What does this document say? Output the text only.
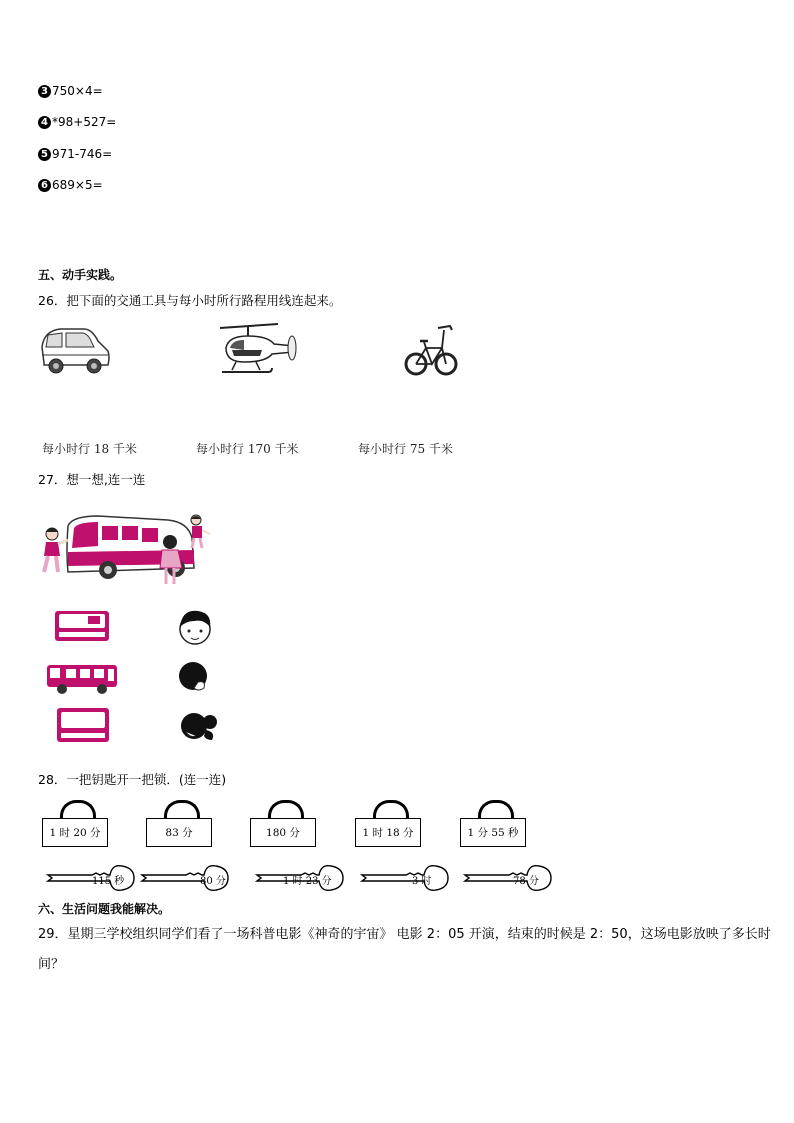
3 750×4=
4 *98+527=
5 971-746=
6 689×5=
五、动手实践。
26．把下面的交通工具与每小时所行路程用线连起来。
每小时行 18 千米	每小时行 170 千米	每小时行 75 千米
27．想一想,连一连
28．一把钥匙开一把锁．(连一连)
1 时 20 分	83 分	180 分	1 时 18 分	1 分 55 秒
115 秒	80 分	1 时 23 分	3 时	78 分
六、生活问题我能解决。
29．星期三学校组织同学们看了一场科普电影《神奇的宇宙》 电影 2：05 开演，结束的时候是 2：50，这场电影放映了多长时间？
